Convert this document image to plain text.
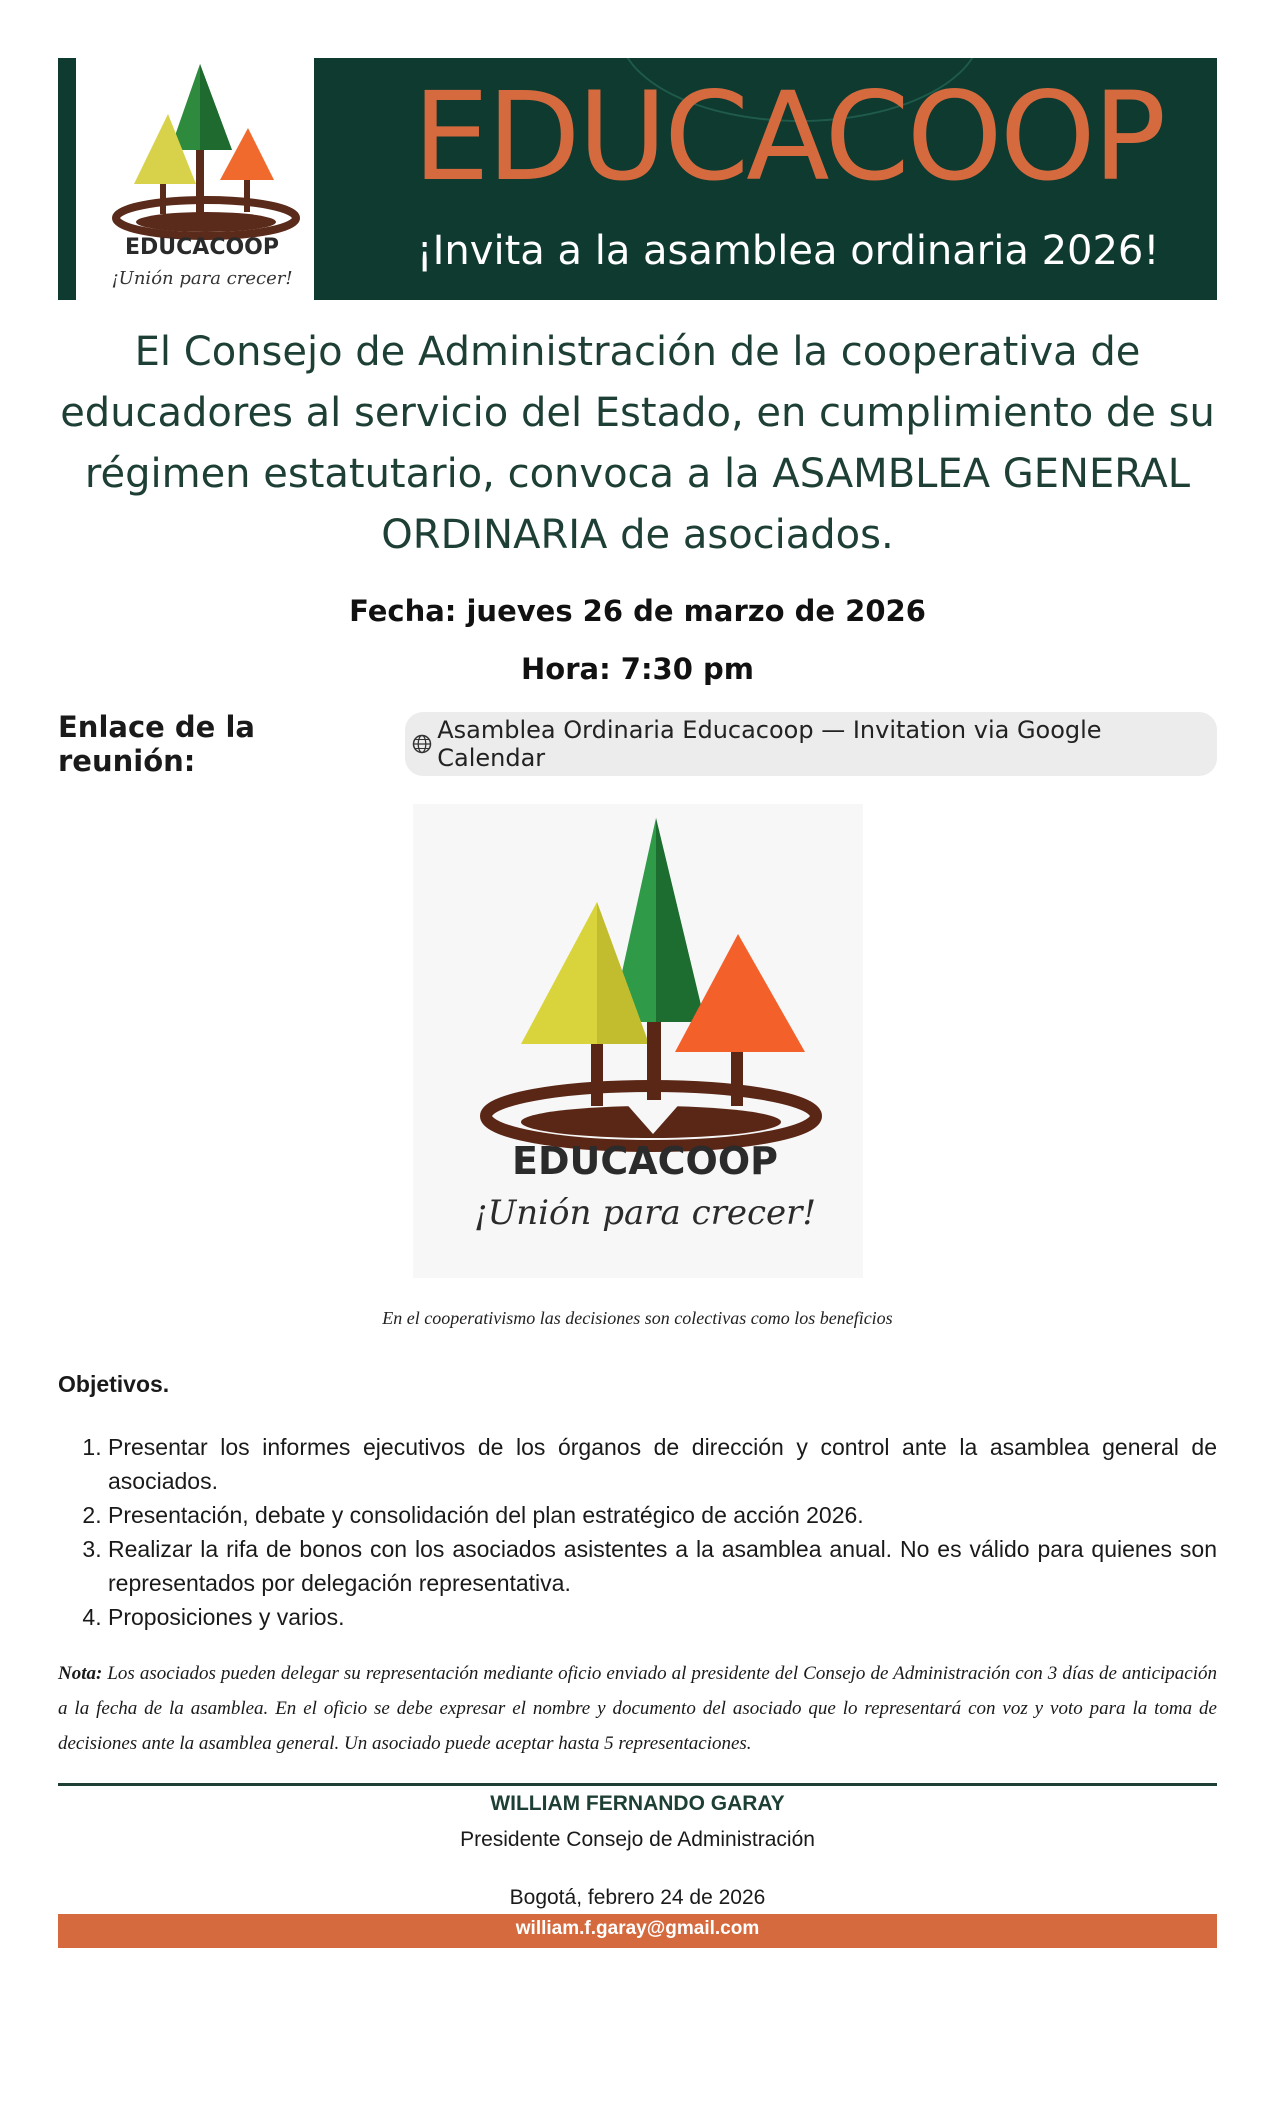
EDUCACOOP
¡Unión para crecer!
EDUCACOOP
¡Invita a la asamblea ordinaria 2026!
El Consejo de Administración de la cooperativa de educadores al servicio del Estado, en cumplimiento de su régimen estatutario, convoca a la ASAMBLEA GENERAL ORDINARIA de asociados.
Fecha: jueves 26 de marzo de 2026
Hora: 7:30 pm
Enlace de la reunión:
Asamblea Ordinaria Educacoop — Invitation via Google Calendar
EDUCACOOP
¡Unión para crecer!
En el cooperativismo las decisiones son colectivas como los beneficios
Objetivos.
1. Presentar los informes ejecutivos de los órganos de dirección y control ante la asamblea general de asociados.
2. Presentación, debate y consolidación del plan estratégico de acción 2026.
3. Realizar la rifa de bonos con los asociados asistentes a la asamblea anual. No es válido para quienes son representados por delegación representativa.
4. Proposiciones y varios.
Nota: Los asociados pueden delegar su representación mediante oficio enviado al presidente del Consejo de Administración con 3 días de anticipación a la fecha de la asamblea. En el oficio se debe expresar el nombre y documento del asociado que lo representará con voz y voto para la toma de decisiones ante la asamblea general. Un asociado puede aceptar hasta 5 representaciones.
WILLIAM FERNANDO GARAY
Presidente Consejo de Administración
Bogotá, febrero 24 de 2026
william.f.garay@gmail.com
